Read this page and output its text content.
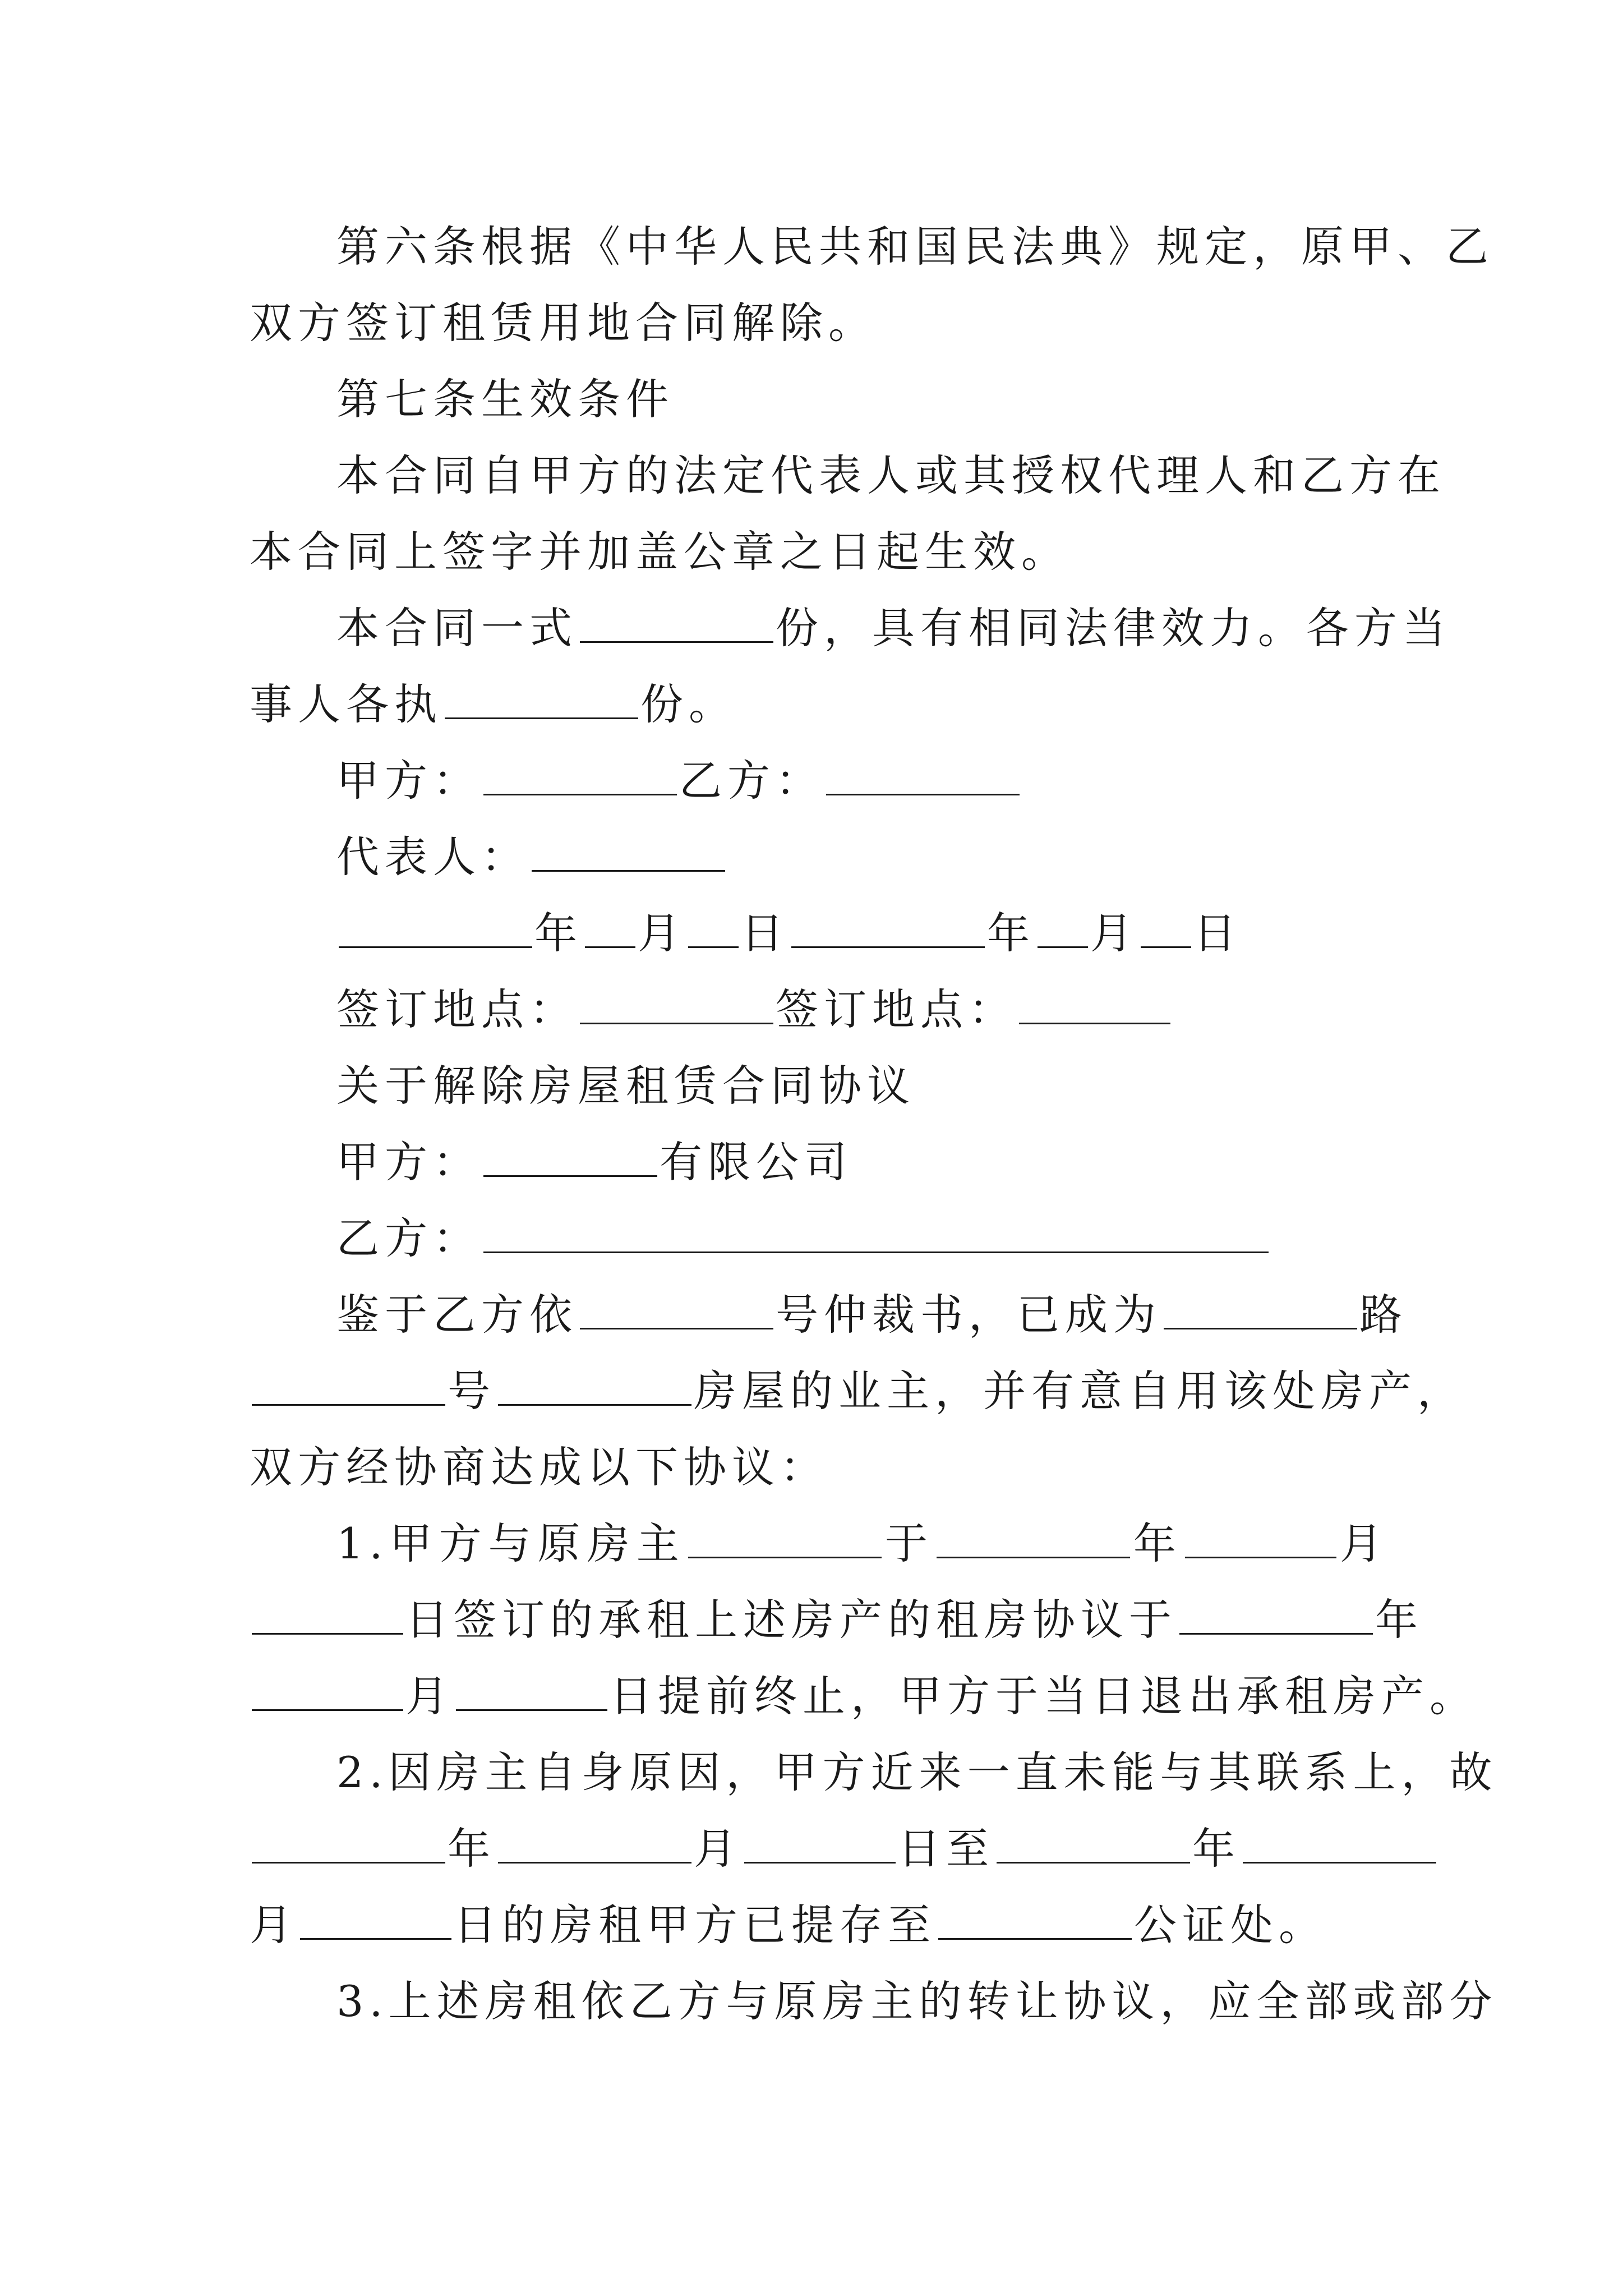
第六条根据《中华人民共和国民法典》规定，原甲、乙
双方签订租赁用地合同解除。
第七条生效条件
本合同自甲方的法定代表人或其授权代理人和乙方在
本合同上签字并加盖公章之日起生效。
本合同一式	份，具有相同法律效力。各方当
事人各执	份。
甲方：	乙方：
代表人：
年 月 日	年 月 日
签订地点：	签订地点：
关于解除房屋租赁合同协议
甲方：	有限公司
乙方：
鉴于乙方依	号仲裁书，已成为	路
号	房屋的业主，并有意自用该处房产，
双方经协商达成以下协议：
1.甲方与原房主	于	年	月
日签订的承租上述房产的租房协议于	年
月	日提前终止，甲方于当日退出承租房产。
2.因房主自身原因，甲方近来一直未能与其联系上，故
年	月	日至	年
月	日的房租甲方已提存至	公证处。
3.上述房租依乙方与原房主的转让协议，应全部或部分
